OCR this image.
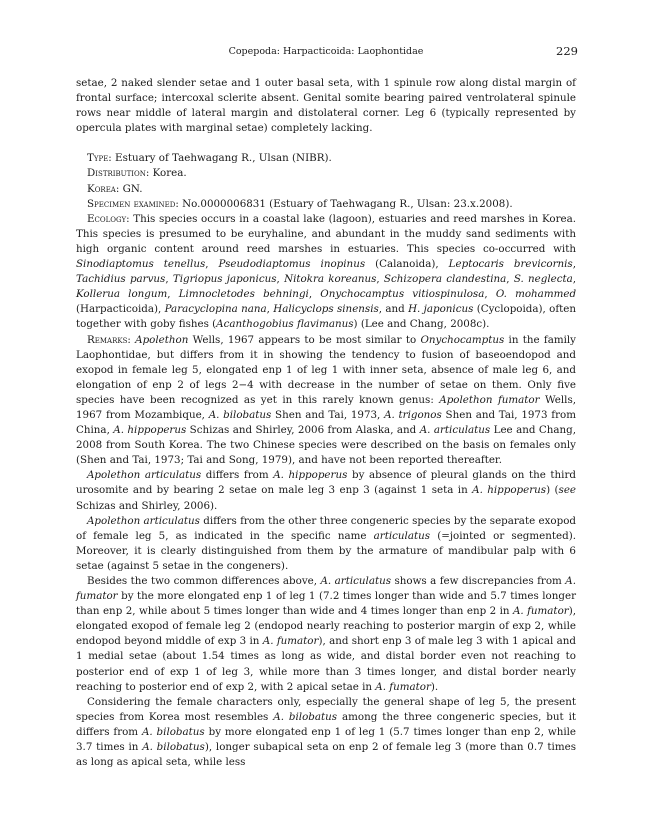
Copepoda: Harpacticoida: Laophontidae	229

setae, 2 naked slender setae and 1 outer basal seta, with 1 spinule row along distal margin of frontal surface; intercoxal sclerite absent. Genital somite bearing paired ventrolateral spinule rows near middle of lateral margin and distolateral corner. Leg 6 (typically represented by opercula plates with marginal setae) completely lacking.

Type: Estuary of Taehwagang R., Ulsan (NIBR).

Distribution: Korea.

Korea: GN.

Specimen examined: No.0000006831 (Estuary of Taehwagang R., Ulsan: 23.x.2008).

Ecology: This species occurs in a coastal lake (lagoon), estuaries and reed marshes in Korea. This species is presumed to be euryhaline, and abundant in the muddy sand sediments with high organic content around reed marshes in estuaries. This species co-occurred with Sinodiaptomus tenellus, Pseudodiaptomus inopinus (Calanoida), Leptocaris brevicornis, Tachidius parvus, Tigriopus japonicus, Nitokra koreanus, Schizopera clandestina, S. neglecta, Kollerua longum, Limnocletodes behningi, Onychocamptus vitiospinulosa, O. mohammed (Harpacticoida), Paracyclopina nana, Halicyclops sinensis, and H. japonicus (Cyclopoida), often together with goby fishes (Acanthogobius flavimanus) (Lee and Chang, 2008c).

Remarks: Apolethon Wells, 1967 appears to be most similar to Onychocamptus in the family Laophontidae, but differs from it in showing the tendency to fusion of baseoendopod and exopod in female leg 5, elongated enp 1 of leg 1 with inner seta, absence of male leg 6, and elongation of enp 2 of legs 2−4 with decrease in the number of setae on them. Only five species have been recognized as yet in this rarely known genus: Apolethon fumator Wells, 1967 from Mozambique, A. bilobatus Shen and Tai, 1973, A. trigonos Shen and Tai, 1973 from China, A. hippoperus Schizas and Shirley, 2006 from Alaska, and A. articulatus Lee and Chang, 2008 from South Korea. The two Chinese species were described on the basis on females only (Shen and Tai, 1973; Tai and Song, 1979), and have not been reported thereafter.

Apolethon articulatus differs from A. hippoperus by absence of pleural glands on the third urosomite and by bearing 2 setae on male leg 3 enp 3 (against 1 seta in A. hippoperus) (see Schizas and Shirley, 2006).

Apolethon articulatus differs from the other three congeneric species by the separate exopod of female leg 5, as indicated in the specific name articulatus (=jointed or segmented). Moreover, it is clearly distinguished from them by the armature of mandibular palp with 6 setae (against 5 setae in the congeners).

Besides the two common differences above, A. articulatus shows a few discrepancies from A. fumator by the more elongated enp 1 of leg 1 (7.2 times longer than wide and 5.7 times longer than enp 2, while about 5 times longer than wide and 4 times longer than enp 2 in A. fumator), elongated exopod of female leg 2 (endopod nearly reaching to posterior margin of exp 2, while endopod beyond middle of exp 3 in A. fumator), and short enp 3 of male leg 3 with 1 apical and 1 medial setae (about 1.54 times as long as wide, and distal border even not reaching to posterior end of exp 1 of leg 3, while more than 3 times longer, and distal border nearly reaching to posterior end of exp 2, with 2 apical setae in A. fumator).

Considering the female characters only, especially the general shape of leg 5, the present species from Korea most resembles A. bilobatus among the three congeneric species, but it differs from A. bilobatus by more elongated enp 1 of leg 1 (5.7 times longer than enp 2, while 3.7 times in A. bilobatus), longer subapical seta on enp 2 of female leg 3 (more than 0.7 times as long as apical seta, while less
